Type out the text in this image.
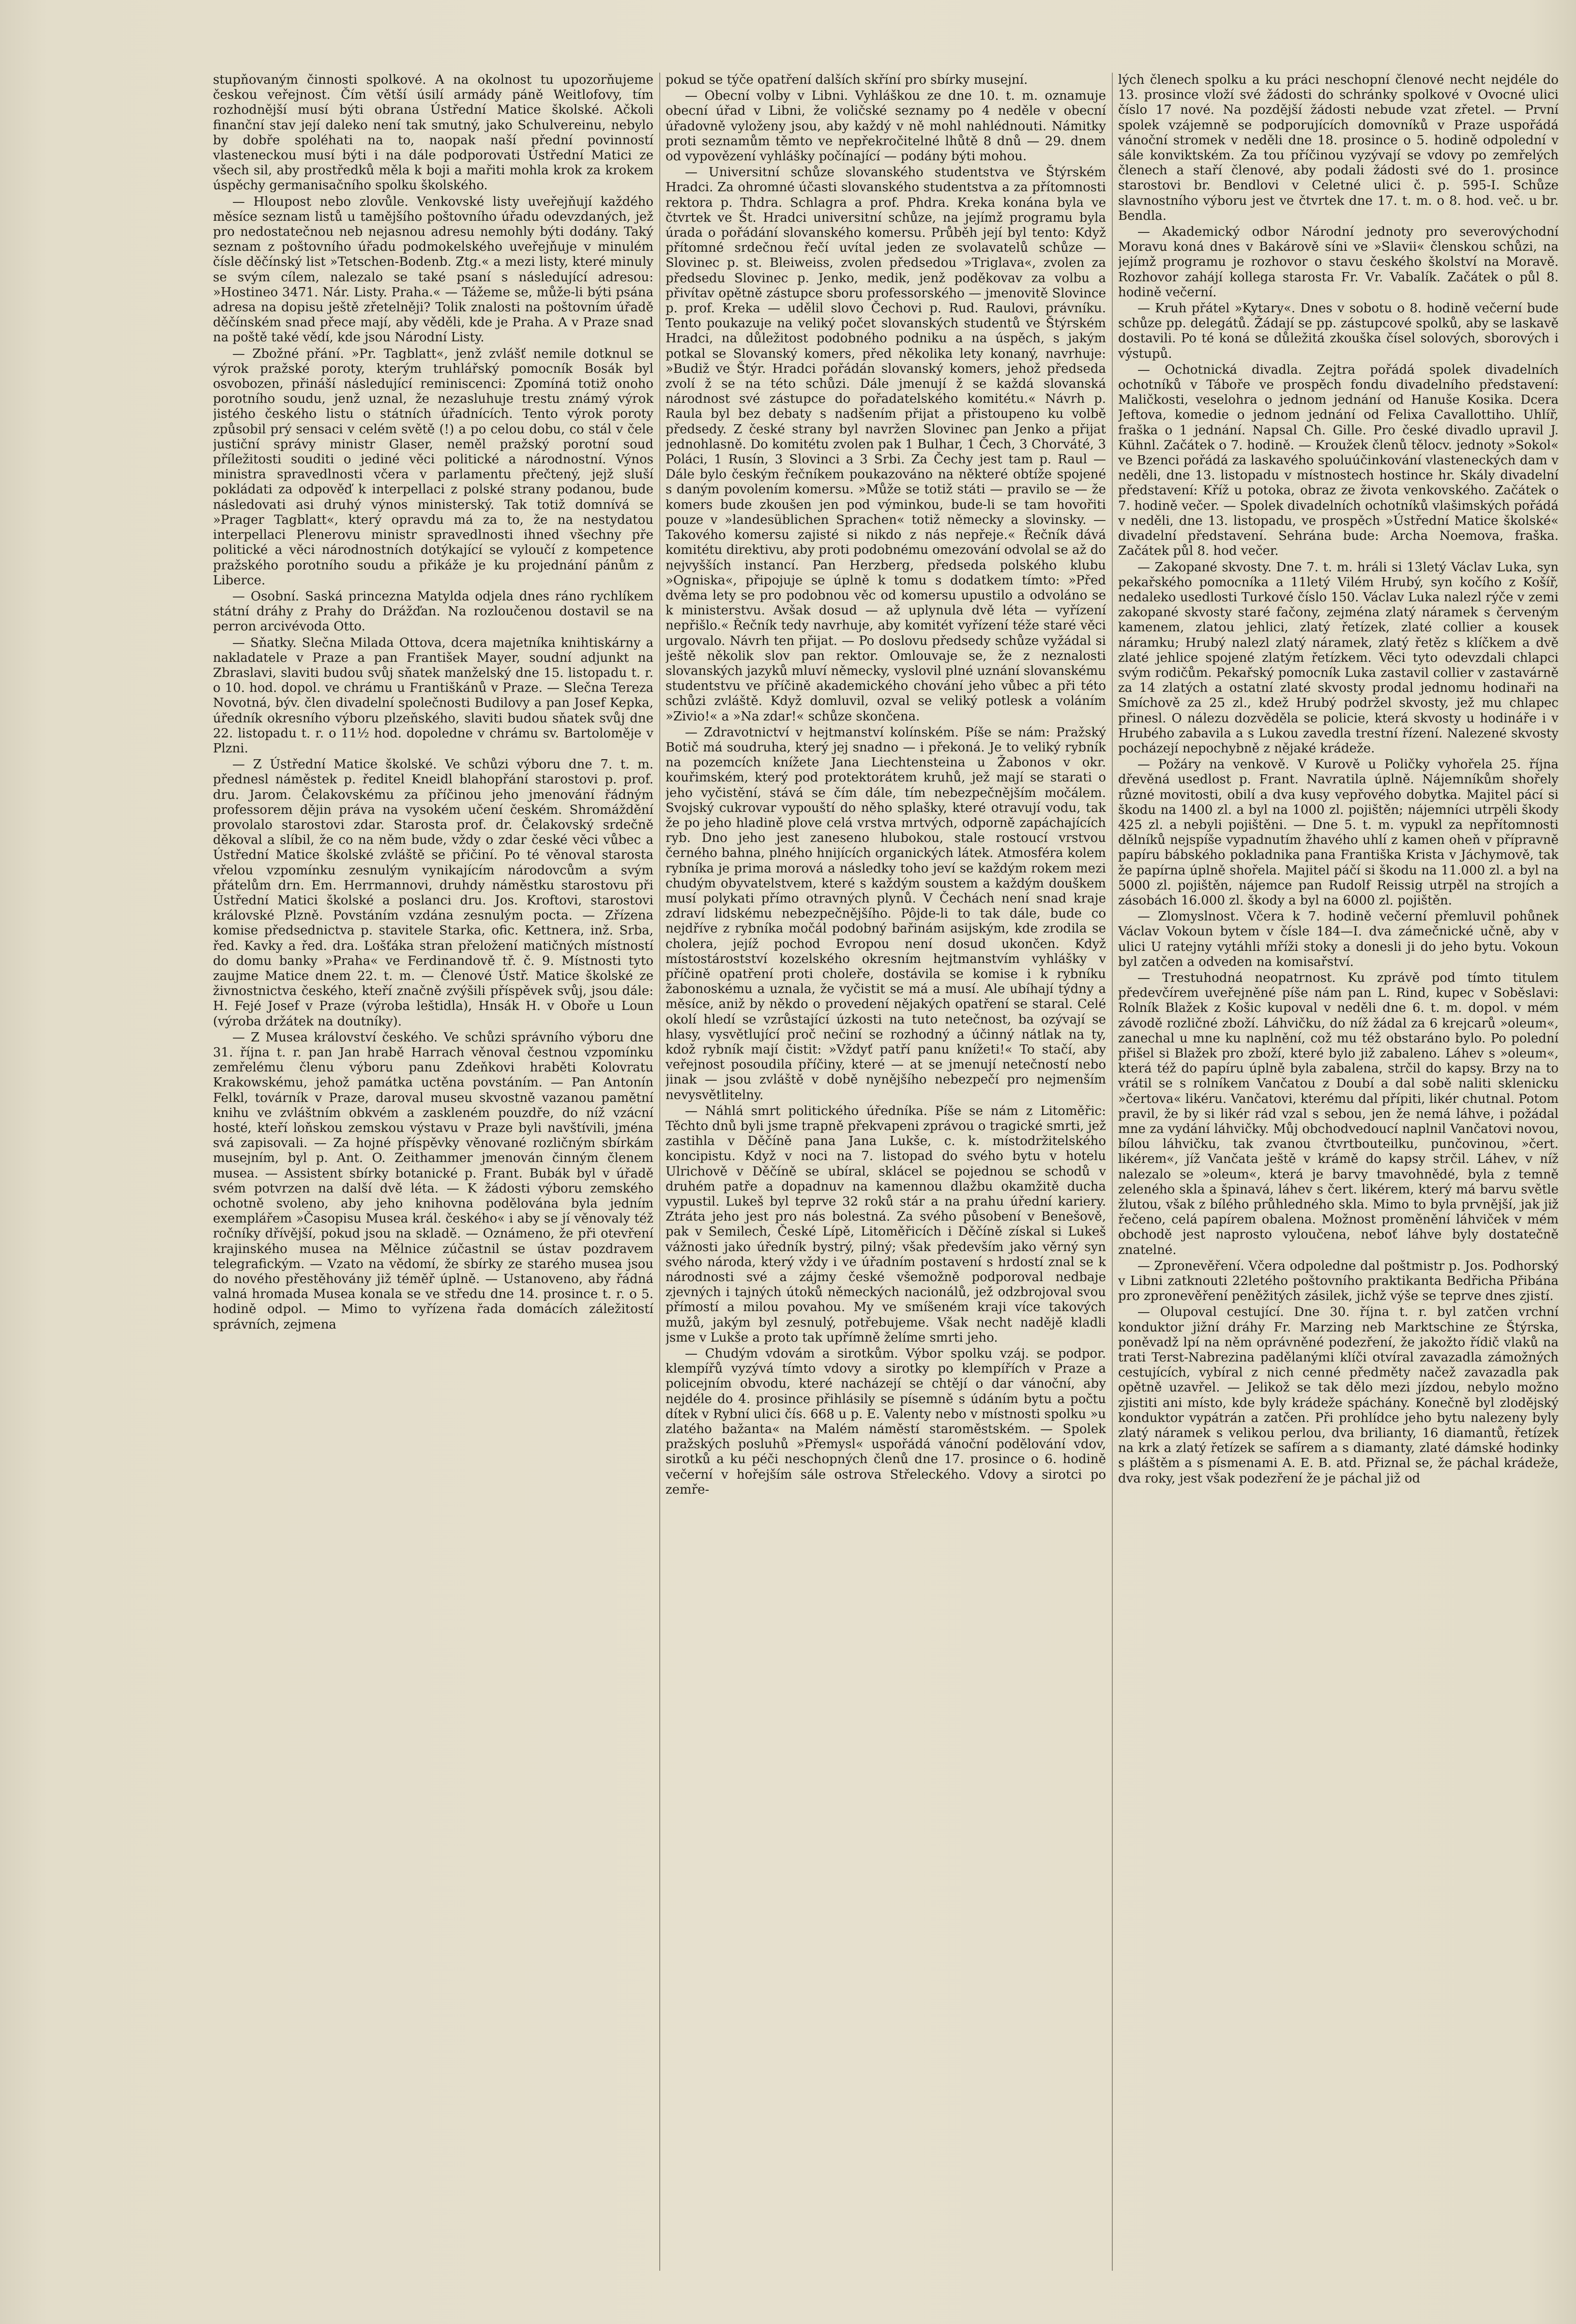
stupňovaným činnosti spolkové. A na okolnost tu upozorňujeme českou veřejnost. Čím větší úsilí armády páně Weitlofovy, tím rozhodnější musí býti obrana Ústřední Matice školské. Ačkoli finanční stav její daleko není tak smutný, jako Schulvereinu, nebylo by dobře spoléhati na to, naopak naší přední povinností vlasteneckou musí býti i na dále podporovati Ústřední Matici ze všech sil, aby prostředků měla k boji a mařiti mohla krok za krokem úspěchy germanisačního spolku školského.

— Hloupost nebo zlovůle. Venkovské listy uveřejňují každého měsíce seznam listů u tamějšího poštovního úřadu odevzdaných, jež pro nedostatečnou neb nejasnou adresu nemohly býti dodány. Taký seznam z poštovního úřadu podmokelského uveřejňuje v minulém čísle děčínský list »Tetschen-Bodenb. Ztg.« a mezi listy, které minuly se svým cílem, nalezalo se také psaní s následující adresou: »Hostineo 3471. Nár. Listy. Praha.« — Tážeme se, může-li býti psána adresa na dopisu ještě zřetelněji? Tolik znalosti na poštovním úřadě děčínském snad přece mají, aby věděli, kde je Praha. A v Praze snad na poště také vědí, kde jsou Národní Listy.

— Zbožné přání. »Pr. Tagblatt«, jenž zvlášť nemile dotknul se výrok pražské poroty, kterým truhlářský pomocník Bosák byl osvobozen, přináší následující reminiscenci: Zpomíná totiž onoho porotního soudu, jenž uznal, že nezasluhuje trestu známý výrok jistého českého listu o státních úřadnících. Tento výrok poroty způsobil prý sensaci v celém světě (!) a po celou dobu, co stál v čele justiční správy ministr Glaser, neměl pražský porotní soud příležitosti souditi o jediné věci politické a národnostní. Výnos ministra spravedlnosti včera v parlamentu přečtený, jejž sluší pokládati za odpověď k interpellaci z polské strany podanou, bude následovati asi druhý výnos ministerský. Tak totiž domnívá se »Prager Tagblatt«, který opravdu má za to, že na nestydatou interpellaci Plenerovu ministr spravedlnosti ihned všechny pře politické a věci národnostních dotýkající se vyloučí z kompetence pražského porotního soudu a přikáže je ku projednání pánům z Liberce.

— Osobní. Saská princezna Matylda odjela dnes ráno rychlíkem státní dráhy z Prahy do Drážďan. Na rozloučenou dostavil se na perron arcivévoda Otto.

— Sňatky. Slečna Milada Ottova, dcera majetníka knihtiskárny a nakladatele v Praze a pan František Mayer, soudní adjunkt na Zbraslavi, slaviti budou svůj sňatek manželský dne 15. listopadu t. r. o 10. hod. dopol. ve chrámu u Františkánů v Praze. — Slečna Tereza Novotná, býv. člen divadelní společnosti Budilovy a pan Josef Kepka, úředník okresního výboru plzeňského, slaviti budou sňatek svůj dne 22. listopadu t. r. o 11½ hod. dopoledne v chrámu sv. Bartoloměje v Plzni.

— Z Ústřední Matice školské. Ve schůzi výboru dne 7. t. m. přednesl náměstek p. ředitel Kneidl blahopřání starostovi p. prof. dru. Jarom. Čelakovskému za příčinou jeho jmenování řádným professorem dějin práva na vysokém učení českém. Shromáždění provolalo starostovi zdar. Starosta prof. dr. Čelakovský srdečně děkoval a slíbil, že co na něm bude, vždy o zdar české věci vůbec a Ústřední Matice školské zvláště se přičiní. Po té věnoval starosta vřelou vzpomínku zesnulým vynikajícím národovcům a svým přátelům drn. Em. Herrmannovi, druhdy náměstku starostovu při Ústřední Matici školské a poslanci dru. Jos. Kroftovi, starostovi královské Plzně. Povstáním vzdána zesnulým pocta. — Zřízena komise předsednictva p. stavitele Starka, ofic. Kettnera, inž. Srba, řed. Kavky a řed. dra. Lošťáka stran přeložení matičných místností do domu banky »Praha« ve Ferdinandově tř. č. 9. Místnosti tyto zaujme Matice dnem 22. t. m. — Členové Ústř. Matice školské ze živnostnictva českého, kteří značně zvýšili příspěvek svůj, jsou dále: H. Fejé Josef v Praze (výroba leštidla), Hnsák H. v Oboře u Loun (výroba držátek na doutníky).

— Z Musea království českého. Ve schůzi správního výboru dne 31. října t. r. pan Jan hrabě Harrach věnoval čestnou vzpomínku zemřelému členu výboru panu Zdeňkovi hraběti Kolovratu Krakowskému, jehož památka uctěna povstáním. — Pan Antonín Felkl, továrník v Praze, daroval museu skvostně vazanou pamětní knihu ve zvláštním obkvém a zaskleném pouzdře, do níž vzácní hosté, kteří loňskou zemskou výstavu v Praze byli navštívili, jména svá zapisovali. — Za hojné příspěvky věnované rozličným sbírkám musejním, byl p. Ant. O. Zeithammer jmenován činným členem musea. — Assistent sbírky botanické p. Frant. Bubák byl v úřadě svém potvrzen na další dvě léta. — K žádosti výboru zemského ochotně svoleno, aby jeho knihovna podělována byla jedním exemplářem »Časopisu Musea král. českého« i aby se jí věnovaly též ročníky dřívější, pokud jsou na skladě. — Oznámeno, že při otevření krajinského musea na Mělnice zúčastnil se ústav pozdravem telegrafickým. — Vzato na vědomí, že sbírky ze starého musea jsou do nového přestěhovány již téměř úplně. — Ustanoveno, aby řádná valná hromada Musea konala se ve středu dne 14. prosince t. r. o 5. hodině odpol. — Mimo to vyřízena řada domácích záležitostí správních, zejmena

pokud se týče opatření dalších skříní pro sbírky musejní.

— Obecní volby v Libni. Vyhláškou ze dne 10. t. m. oznamuje obecní úřad v Libni, že voličské seznamy po 4 neděle v obecní úřadovně vyloženy jsou, aby každý v ně mohl nahlédnouti. Námitky proti seznamům těmto ve nepřekročitelné lhůtě 8 dnů — 29. dnem od vypovězení vyhlášky počínající — podány býti mohou.

— Universitní schůze slovanského studentstva ve Štýrském Hradci. Za ohromné účasti slovanského studentstva a za přítomnosti rektora p. Thdra. Schlagra a prof. Phdra. Kreka konána byla ve čtvrtek ve Št. Hradci universitní schůze, na jejímž programu byla úrada o pořádání slovanského komersu. Průběh její byl tento: Když přítomné srdečnou řečí uvítal jeden ze svolavatelů schůze — Slovinec p. st. Bleiweiss, zvolen předsedou »Triglava«, zvolen za předsedu Slovinec p. Jenko, medik, jenž poděkovav za volbu a přivítav opětně zástupce sboru professorského — jmenovitě Slovince p. prof. Kreka — udělil slovo Čechovi p. Rud. Raulovi, právníku. Tento poukazuje na veliký počet slovanských studentů ve Štýrském Hradci, na důležitost podobného podniku a na úspěch, s jakým potkal se Slovanský komers, před několika lety konaný, navrhuje: »Budiž ve Štýr. Hradci pořádán slovanský komers, jehož předseda zvolí ž se na této schůzi. Dále jmenují ž se každá slovanská národnost své zástupce do pořadatelského komitétu.« Návrh p. Raula byl bez debaty s nadšením přijat a přistoupeno ku volbě předsedy. Z české strany byl navržen Slovinec pan Jenko a přijat jednohlasně. Do komitétu zvolen pak 1 Bulhar, 1 Čech, 3 Chorváté, 3 Poláci, 1 Rusín, 3 Slovinci a 3 Srbi. Za Čechy jest tam p. Raul — Dále bylo českým řečníkem poukazováno na některé obtíže spojené s daným povolením komersu. »Může se totiž státi — pravilo se — že komers bude zkoušen jen pod výminkou, bude-li se tam hovořiti pouze v »landesüblichen Sprachen« totiž německy a slovinsky. — Takového komersu zajisté si nikdo z nás nepřeje.« Řečník dává komitétu direktivu, aby proti podobnému omezování odvolal se až do nejvyšších instancí. Pan Herzberg, předseda polského klubu »Ogniska«, připojuje se úplně k tomu s dodatkem tímto: »Před dvěma lety se pro podobnou věc od komersu upustilo a odvoláno se k ministerstvu. Avšak dosud — až uplynula dvě léta — vyřízení nepřišlo.« Řečník tedy navrhuje, aby komitét vyřízení téže staré věci urgovalo. Návrh ten přijat. — Po doslovu předsedy schůze vyžádal si ještě několik slov pan rektor. Omlouvaje se, že z neznalosti slovanských jazyků mluví německy, vyslovil plné uznání slovanskému studentstvu ve příčině akademického chování jeho vůbec a při této schůzi zvláště. Když domluvil, ozval se veliký potlesk a voláním »Zivio!« a »Na zdar!« schůze skončena.

— Zdravotnictví v hejtmanství kolínském. Píše se nám: Pražský Botič má soudruha, který jej snadno — i překoná. Je to veliký rybník na pozemcích knížete Jana Liechtensteina u Žabonos v okr. kouřimském, který pod protektorátem kruhů, jež mají se starati o jeho vyčistění, stává se čím dále, tím nebezpečnějším močálem. Svojský cukrovar vypouští do něho splašky, které otravují vodu, tak že po jeho hladině plove celá vrstva mrtvých, odporně zapáchajících ryb. Dno jeho jest zaneseno hlubokou, stale rostoucí vrstvou černého bahna, plného hnijících organických látek. Atmosféra kolem rybníka je prima morová a následky toho jeví se každým rokem mezi chudým obyvatelstvem, které s každým soustem a každým douškem musí polykati přímo otravných plynů. V Čechách není snad kraje zdraví lidskému nebezpečnějšího. Pôjde-li to tak dále, bude co nejdříve z rybníka močál podobný bařinám asijským, kde zrodila se cholera, jejíž pochod Evropou není dosud ukončen. Když místostárostství kozelského okresním hejtmanstvím vyhlášky v příčině opatření proti choleře, dostávila se komise i k rybníku žabonoskému a uznala, že vyčistit se má a musí. Ale ubíhají týdny a měsíce, aniž by někdo o provedení nějakých opatření se staral. Celé okolí hledí se vzrůstající úzkosti na tuto netečnost, ba ozývají se hlasy, vysvětlující proč nečiní se rozhodný a účinný nátlak na ty, kdož rybník mají čistit: »Vždyť patří panu knížeti!« To stačí, aby veřejnost posoudila příčiny, které — at se jmenují netečností nebo jinak — jsou zvláště v době nynějšího nebezpečí pro nejmenším nevysvětlitelny.

— Náhlá smrt politického úředníka. Píše se nám z Litoměřic: Těchto dnů byli jsme trapně překvapeni zprávou o tragické smrti, jež zastihla v Děčíně pana Jana Lukše, c. k. místodržitelského koncipistu. Když v noci na 7. listopad do svého bytu v hotelu Ulrichově v Děčíně se ubíral, sklácel se pojednou se schodů v druhém patře a dopadnuv na kamennou dlažbu okamžitě ducha vypustil. Lukeš byl teprve 32 roků stár a na prahu úřední kariery. Ztráta jeho jest pro nás bolestná. Za svého působení v Benešově, pak v Semilech, České Lípě, Litoměřicích i Děčíně získal si Lukeš vážnosti jako úředník bystrý, pilný; však především jako věrný syn svého národa, který vždy i ve úřadním postavení s hrdostí znal se k národnosti své a zájmy české všemožně podporoval nedbaje zjevných i tajných útoků německých nacionálů, jež odzbrojoval svou přímostí a milou povahou. My ve smíšeném kraji více takových mužů, jakým byl zesnulý, potřebujeme. Však necht nadějě kladli jsme v Lukše a proto tak upřímně želíme smrti jeho.

— Chudým vdovám a sirotkům. Výbor spolku vzáj. se podpor. klempířů vyzývá tímto vdovy a sirotky po klempířích v Praze a policejním obvodu, které nacházejí se chtějí o dar vánoční, aby nejdéle do 4. prosince přihlásily se písemně s údáním bytu a počtu dítek v Rybní ulici čís. 668 u p. E. Valenty nebo v místnosti spolku »u zlatého bažanta« na Malém náměstí staroměstském. — Spolek pražských posluhů »Přemysl« uspořádá vánoční podělování vdov, sirotků a ku péči neschopných členů dne 17. prosince o 6. hodině večerní v hořejším sále ostrova Střeleckého. Vdovy a sirotci po zemře-

lých členech spolku a ku práci neschopní členové necht nejdéle do 13. prosince vloží své žádosti do schránky spolkové v Ovocné ulici číslo 17 nové. Na pozdější žádosti nebude vzat zřetel. — První spolek vzájemně se podporujících domovníků v Praze uspořádá vánoční stromek v neděli dne 18. prosince o 5. hodině odpolední v sále konviktském. Za tou příčinou vyzývají se vdovy po zemřelých členech a staří členové, aby podali žádosti své do 1. prosince starostovi br. Bendlovi v Celetné ulici č. p. 595-I. Schůze slavnostního výboru jest ve čtvrtek dne 17. t. m. o 8. hod. več. u br. Bendla.

— Akademický odbor Národní jednoty pro severovýchodní Moravu koná dnes v Bakárově síni ve »Slavii« členskou schůzi, na jejímž programu je rozhovor o stavu českého školství na Moravě. Rozhovor zahájí kollega starosta Fr. Vr. Vabalík. Začátek o půl 8. hodině večerní.

— Kruh přátel »Kytary«. Dnes v sobotu o 8. hodině večerní bude schůze pp. delegátů. Žádají se pp. zástupcové spolků, aby se laskavě dostavili. Po té koná se důležitá zkouška čísel solových, sborových i výstupů.

— Ochotnická divadla. Zejtra pořádá spolek divadelních ochotníků v Táboře ve prospěch fondu divadelního představení: Maličkosti, veselohra o jednom jednání od Hanuše Kosika. Dcera Jeftova, komedie o jednom jednání od Felixa Cavallottiho. Uhlíř, fraška o 1 jednání. Napsal Ch. Gille. Pro české divadlo upravil J. Kühnl. Začátek o 7. hodině. — Kroužek členů tělocv. jednoty »Sokol« ve Bzenci pořádá za laskavého spoluúčinkování vlasteneckých dam v neděli, dne 13. listopadu v místnostech hostince hr. Skály divadelní představení: Kříž u potoka, obraz ze života venkovského. Začátek o 7. hodině večer. — Spolek divadelních ochotníků vlašimských pořádá v neděli, dne 13. listopadu, ve prospěch »Ústřední Matice školské« divadelní představení. Sehrána bude: Archa Noemova, fraška. Začátek půl 8. hod večer.

— Zakopané skvosty. Dne 7. t. m. hráli si 13letý Václav Luka, syn pekařského pomocníka a 11letý Vilém Hrubý, syn kočího z Košíř, nedaleko usedlosti Turkové číslo 150. Václav Luka nalezl rýče v zemi zakopané skvosty staré fačony, zejména zlatý náramek s červeným kamenem, zlatou jehlici, zlatý řetízek, zlaté collier a kousek náramku; Hrubý nalezl zlatý náramek, zlatý řetěz s klíčkem a dvě zlaté jehlice spojené zlatým řetízkem. Věci tyto odevzdali chlapci svým rodičům. Pekařský pomocník Luka zastavil collier v zastavárně za 14 zlatých a ostatní zlaté skvosty prodal jednomu hodinaři na Smíchově za 25 zl., kdež Hrubý podržel skvosty, jež mu chlapec přinesl. O nálezu dozvěděla se policie, která skvosty u hodináře i v Hrubého zabavila a s Lukou zavedla trestní řízení. Nalezené skvosty pocházejí nepochybně z nějaké krádeže.

— Požáry na venkově. V Kurově u Poličky vyhořela 25. října dřevěná usedlost p. Frant. Navratila úplně. Nájemníkům shořely různé movitosti, obilí a dva kusy vepřového dobytka. Majitel pácí si škodu na 1400 zl. a byl na 1000 zl. pojištěn; nájemníci utrpěli škody 425 zl. a nebyli pojištěni. — Dne 5. t. m. vypukl za nepřítomnosti dělníků nejspíše vypadnutím žhavého uhlí z kamen oheň v přípravně papíru bábského pokladnika pana Františka Krista v Jáchymově, tak že papírna úplně shořela. Majitel páčí si škodu na 11.000 zl. a byl na 5000 zl. pojištěn, nájemce pan Rudolf Reissig utrpěl na strojích a zásobách 16.000 zl. škody a byl na 6000 zl. pojištěn.

— Zlomyslnost. Včera k 7. hodině večerní přemluvil pohůnek Václav Vokoun bytem v čísle 184—I. dva zámečnické učně, aby v ulici U ratejny vytáhli mříži stoky a donesli ji do jeho bytu. Vokoun byl zatčen a odveden na komisařství.

— Trestuhodná neopatrnost. Ku zprávě pod tímto titulem předevčírem uveřejněné píše nám pan L. Rind, kupec v Soběslavi: Rolník Blažek z Košic kupoval v neděli dne 6. t. m. dopol. v mém závodě rozličné zboží. Láhvičku, do níž žádal za 6 krejcarů »oleum«, zanechal u mne ku naplnění, což mu též obstaráno bylo. Po polední přišel si Blažek pro zboží, které bylo již zabaleno. Láhev s »oleum«, která též do papíru úplně byla zabalena, strčil do kapsy. Brzy na to vrátil se s rolníkem Vančatou z Doubí a dal sobě naliti sklenicku »čertova« likéru. Vančatovi, kterému dal přípiti, likér chutnal. Potom pravil, že by si likér rád vzal s sebou, jen že nemá láhve, i požádal mne za vydání láhvičky. Můj obchodvedoucí naplnil Vančatovi novou, bílou láhvičku, tak zvanou čtvrtbouteilku, punčovinou, »čert. likérem«, jíž Vančata ještě v krámě do kapsy strčil. Láhev, v níž nalezalo se »oleum«, která je barvy tmavohnědé, byla z temně zeleného skla a špinavá, láhev s čert. likérem, který má barvu světle žlutou, však z bílého průhledného skla. Mimo to byla prvnější, jak již řečeno, celá papírem obalena. Možnost proměnění láhviček v mém obchodě jest naprosto vyloučena, neboť láhve byly dostatečně znatelné.

— Zpronevěření. Včera odpoledne dal poštmistr p. Jos. Podhorský v Libni zatknouti 22letého poštovního praktikanta Bedřicha Přibána pro zpronevěření peněžitých zásilek, jichž výše se teprve dnes zjistí.

— Olupoval cestující. Dne 30. října t. r. byl zatčen vrchní konduktor jižní dráhy Fr. Marzing neb Marktschine ze Štýrska, poněvadž lpí na něm oprávněné podezření, že jakožto řídič vlaků na trati Terst-Nabrezina padělanými klíči otvíral zavazadla zámožných cestujících, vybíral z nich cenné předměty načež zavazadla pak opětně uzavřel. — Jelikož se tak dělo mezi jízdou, nebylo možno zjistiti ani místo, kde byly krádeže spáchány. Konečně byl zlodějský konduktor vypátrán a zatčen. Při prohlídce jeho bytu nalezeny byly zlatý náramek s velikou perlou, dva brilianty, 16 diamantů, řetízek na krk a zlatý řetízek se safírem a s diamanty, zlaté dámské hodinky s pláštěm a s písmenami A. E. B. atd. Přiznal se, že páchal krádeže, dva roky, jest však podezření že je páchal již od
